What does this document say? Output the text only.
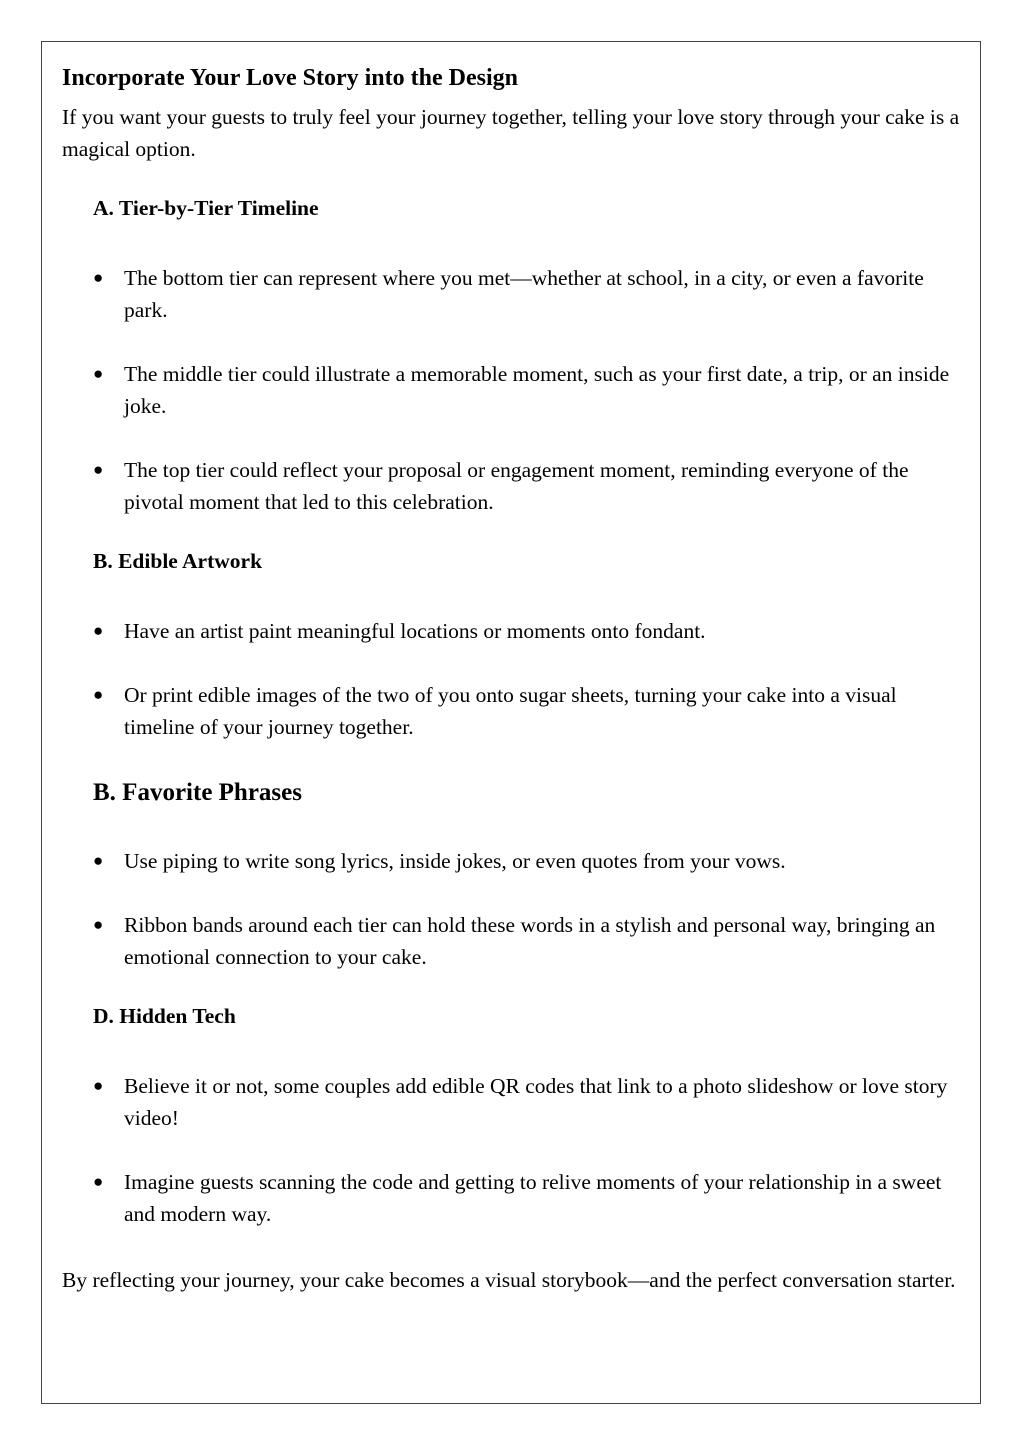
Incorporate Your Love Story into the Design

If you want your guests to truly feel your journey together, telling your love story through your cake is a magical option.

A. Tier-by-Tier Timeline
● The bottom tier can represent where you met—whether at school, in a city, or even a favorite park.
● The middle tier could illustrate a memorable moment, such as your first date, a trip, or an inside joke.
● The top tier could reflect your proposal or engagement moment, reminding everyone of the pivotal moment that led to this celebration.
B. Edible Artwork
● Have an artist paint meaningful locations or moments onto fondant.
● Or print edible images of the two of you onto sugar sheets, turning your cake into a visual timeline of your journey together.
B. Favorite Phrases
● Use piping to write song lyrics, inside jokes, or even quotes from your vows.
● Ribbon bands around each tier can hold these words in a stylish and personal way, bringing an emotional connection to your cake.
D. Hidden Tech
● Believe it or not, some couples add edible QR codes that link to a photo slideshow or love story video!
● Imagine guests scanning the code and getting to relive moments of your relationship in a sweet and modern way.

By reflecting your journey, your cake becomes a visual storybook—and the perfect conversation starter.
